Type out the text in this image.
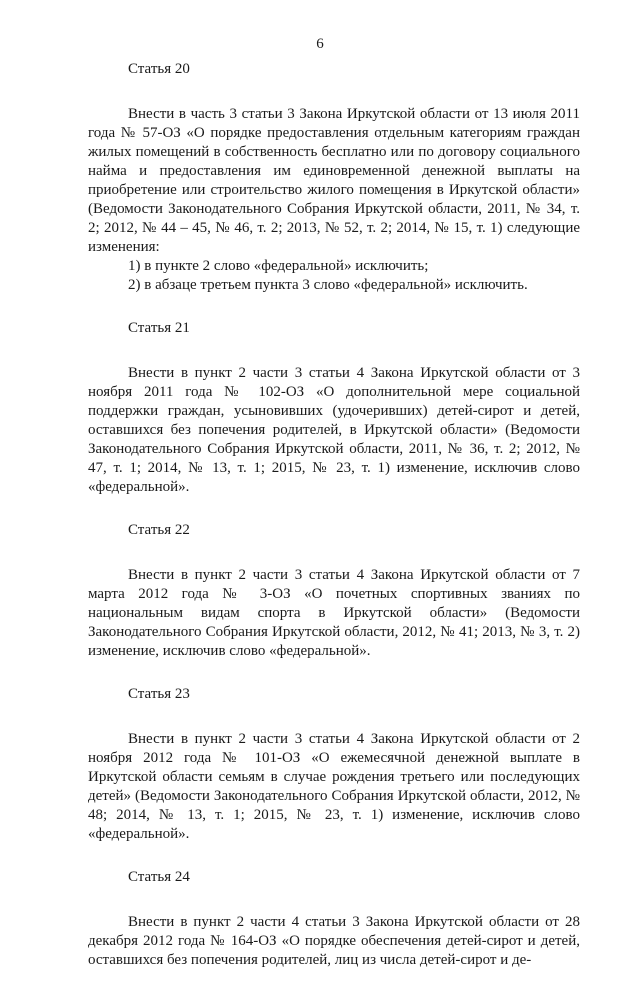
6
Статья 20

Внести в часть 3 статьи 3 Закона Иркутской области от 13 июля 2011 года № 57-ОЗ «О порядке предоставления отдельным категориям граждан жилых помещений в собственность бесплатно или по договору социального найма и предоставления им единовременной денежной выплаты на приобретение или строительство жилого помещения в Иркутской области» (Ведомости Законодательного Собрания Иркутской области, 2011, № 34, т. 2; 2012, № 44 – 45, № 46, т. 2; 2013, № 52, т. 2; 2014, № 15, т. 1) следующие изменения:

1) в пункте 2 слово «федеральной» исключить;

2) в абзаце третьем пункта 3 слово «федеральной» исключить.

Статья 21

Внести в пункт 2 части 3 статьи 4 Закона Иркутской области от 3 ноября 2011 года № 102-ОЗ «О дополнительной мере социальной поддержки граждан, усыновивших (удочеривших) детей-сирот и детей, оставшихся без попечения родителей, в Иркутской области» (Ведомости Законодательного Собрания Иркутской области, 2011, № 36, т. 2; 2012, № 47, т. 1; 2014, № 13, т. 1; 2015, № 23, т. 1) изменение, исключив слово «федеральной».

Статья 22

Внести в пункт 2 части 3 статьи 4 Закона Иркутской области от 7 марта 2012 года № 3-ОЗ «О почетных спортивных званиях по национальным видам спорта в Иркутской области» (Ведомости Законодательного Собрания Иркутской области, 2012, № 41; 2013, № 3, т. 2) изменение, исключив слово «федеральной».

Статья 23

Внести в пункт 2 части 3 статьи 4 Закона Иркутской области от 2 ноября 2012 года № 101-ОЗ «О ежемесячной денежной выплате в Иркутской области семьям в случае рождения третьего или последующих детей» (Ведомости Законодательного Собрания Иркутской области, 2012, № 48; 2014, № 13, т. 1; 2015, № 23, т. 1) изменение, исключив слово «федеральной».

Статья 24

Внести в пункт 2 части 4 статьи 3 Закона Иркутской области от 28 декабря 2012 года № 164-ОЗ «О порядке обеспечения детей-сирот и детей, оставшихся без попечения родителей, лиц из числа детей-сирот и де-
